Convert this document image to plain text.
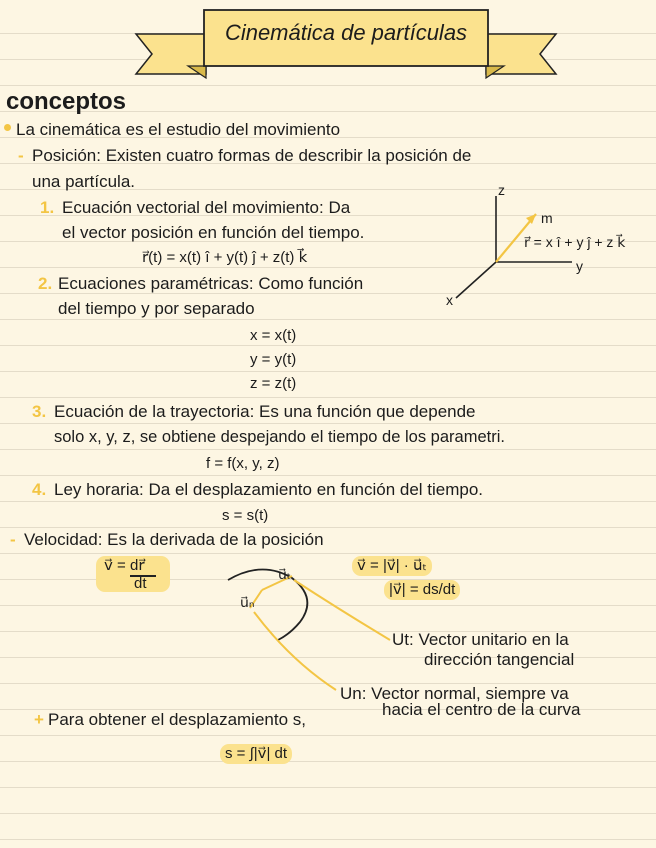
Cinemática de partículas
conceptos
La cinemática es el estudio del movimiento
- Posición: Existen cuatro formas de describir la posición de
una partícula.
1. Ecuación vectorial del movimiento: Da
el vector posición en función del tiempo.
r⃗(t) = x(t) î + y(t) ĵ + z(t) k⃗
z
y
x
m
r⃗ = x î + y ĵ + z k⃗
2. Ecuaciones paramétricas: Como función
del tiempo y por separado
x = x(t)
y = y(t)
z = z(t)
3. Ecuación de la trayectoria: Es una función que depende
solo x, y, z, se obtiene despejando el tiempo de los parametri.
f = f(x, y, z)
4. Ley horaria: Da el desplazamiento en función del tiempo.
s = s(t)
- Velocidad: Es la derivada de la posición
v⃗ = dr⃗
dt
v⃗ = |v⃗| · u⃗ₜ
|v⃗| = ds/dt
u⃗ₜ
u⃗ₙ
Ut: Vector unitario en la
dirección tangencial
Un: Vector normal, siempre va
hacia el centro de la curva
+ Para obtener el desplazamiento s,
s = ∫|v⃗| dt
